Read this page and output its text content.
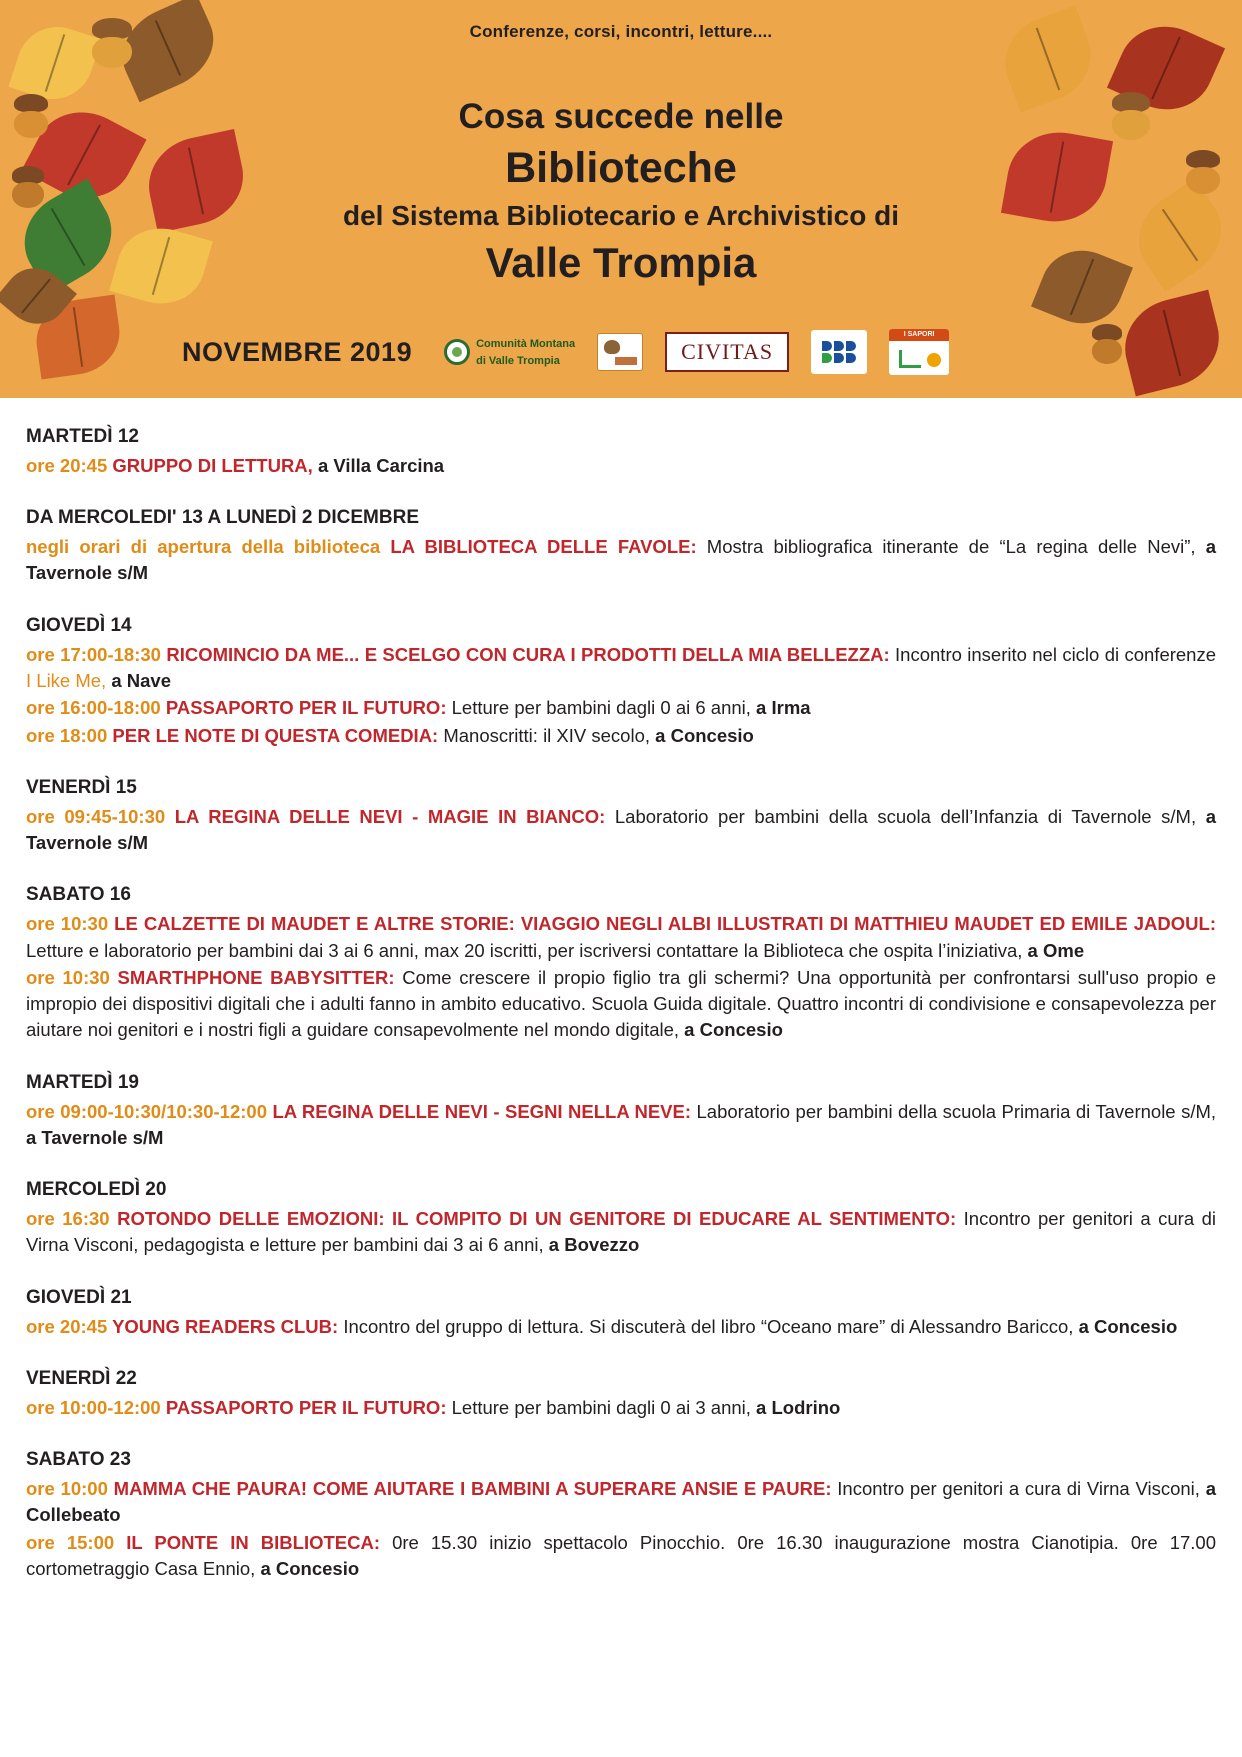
Conferenze, corsi, incontri, letture....
Cosa succede nelle
Biblioteche
del Sistema Bibliotecario e Archivistico di
Valle Trompia
NOVEMBRE 2019	Comunità Montana
di Valle Trompia	CIVITAS
I SAPORI
MARTEDÌ 12
ore 20:45 GRUPPO DI LETTURA, a Villa Carcina
DA MERCOLEDI' 13 A LUNEDÌ 2 DICEMBRE
negli orari di apertura della biblioteca LA BIBLIOTECA DELLE FAVOLE: Mostra bibliografica itinerante de “La regina delle Nevi”, a Tavernole s/M
GIOVEDÌ 14
ore 17:00-18:30 RICOMINCIO DA ME... E SCELGO CON CURA I PRODOTTI DELLA MIA BELLEZZA: Incontro inserito nel ciclo di conferenze I Like Me, a Nave
ore 16:00-18:00 PASSAPORTO PER IL FUTURO: Letture per bambini dagli 0 ai 6 anni, a Irma
ore 18:00 PER LE NOTE DI QUESTA COMEDIA: Manoscritti: il XIV secolo, a Concesio
VENERDÌ 15
ore 09:45-10:30 LA REGINA DELLE NEVI - MAGIE IN BIANCO: Laboratorio per bambini della scuola dell’Infanzia di Tavernole s/M, a Tavernole s/M
SABATO 16
ore 10:30 LE CALZETTE DI MAUDET E ALTRE STORIE: VIAGGIO NEGLI ALBI ILLUSTRATI DI MATTHIEU MAUDET ED EMILE JADOUL: Letture e laboratorio per bambini dai 3 ai 6 anni, max 20 iscritti, per iscriversi contattare la Biblioteca che ospita l’iniziativa, a Ome
ore 10:30 SMARTHPHONE BABYSITTER: Come crescere il propio figlio tra gli schermi? Una opportunità per confrontarsi sull'uso propio e impropio dei dispositivi digitali che i adulti fanno in ambito educativo. Scuola Guida digitale. Quattro incontri di condivisione e consapevolezza per aiutare noi genitori e i nostri figli a guidare consapevolmente nel mondo digitale, a Concesio
MARTEDÌ 19
ore 09:00-10:30/10:30-12:00 LA REGINA DELLE NEVI - SEGNI NELLA NEVE: Laboratorio per bambini della scuola Primaria di Tavernole s/M, a Tavernole s/M
MERCOLEDÌ 20
ore 16:30 ROTONDO DELLE EMOZIONI: IL COMPITO DI UN GENITORE DI EDUCARE AL SENTIMENTO: Incontro per genitori a cura di Virna Visconi, pedagogista e letture per bambini dai 3 ai 6 anni, a Bovezzo
GIOVEDÌ 21
ore 20:45 YOUNG READERS CLUB: Incontro del gruppo di lettura. Si discuterà del libro “Oceano mare” di Alessandro Baricco, a Concesio
VENERDÌ 22
ore 10:00-12:00 PASSAPORTO PER IL FUTURO: Letture per bambini dagli 0 ai 3 anni, a Lodrino
SABATO 23
ore 10:00 MAMMA CHE PAURA! COME AIUTARE I BAMBINI A SUPERARE ANSIE E PAURE: Incontro per genitori a cura di Virna Visconi, a Collebeato
ore 15:00 IL PONTE IN BIBLIOTECA: 0re 15.30 inizio spettacolo Pinocchio. 0re 16.30 inaugurazione mostra Cianotipia. 0re 17.00 cortometraggio Casa Ennio, a Concesio
